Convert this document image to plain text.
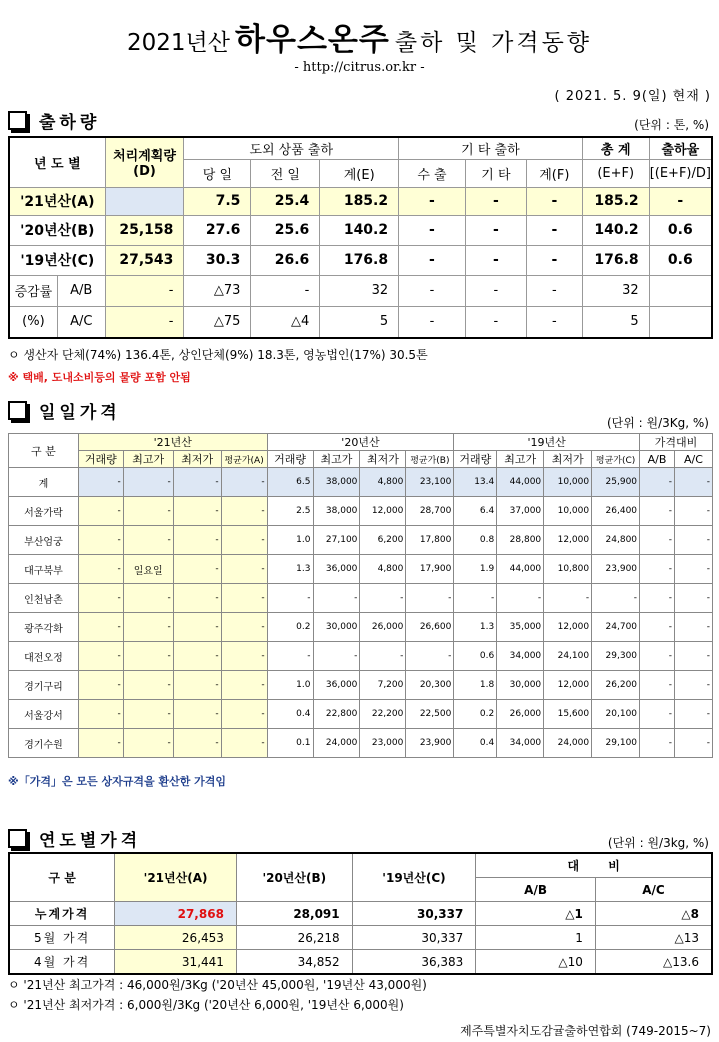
2021년산 하우스온주 출하 및 가격동향
- http://citrus.or.kr -
( 2021. 5. 9(일) 현재 )
출하량	(단위 : 톤, %)
년 도 별	처리계획량
(D)	도외 상품 출하			기 타 출하			총 계	출하율
		당 일	전 일	계(E)	수 출	기 타	계(F)	(E+F)	[(E+F)/D]
'21년산(A)		7.5	25.4	185.2	-	-	-	185.2	-
'20년산(B)	25,158	27.6	25.6	140.2	-	-	-	140.2	0.6
'19년산(C)	27,543	30.3	26.6	176.8	-	-	-	176.8	0.6

증감률 A/B	-	△73	-	32	-	-	-	32	

(%) A/C	-	△75	△4	5	-	-	-	5	
ㅇ 생산자 단체(74%) 136.4톤, 상인단체(9%) 18.3톤, 영농법인(17%) 30.5톤
※ 택배, 도내소비등의 물량 포함 안됨
일일가격	(단위 : 원/3Kg, %)
구 분	'21년산				'20년산				'19년산				가격대비	
	거래량	최고가	최저가	평균가(A)	거래량	최고가	최저가	평균가(B)	거래량	최고가	최저가	평균가(C)	A/B	A/C
계	-	-	-	-	6.5	38,000	4,800	23,100	13.4	44,000	10,000	25,900	-	-
서울가락	-	-	-	-	2.5	38,000	12,000	28,700	6.4	37,000	10,000	26,400	-	-
부산엄궁	-	-	-	-	1.0	27,100	6,200	17,800	0.8	28,800	12,000	24,800	-	-
대구북부	-	일요일	-	-	1.3	36,000	4,800	17,900	1.9	44,000	10,800	23,900	-	-
인천남촌	-	-	-	-	-	-	-	-	-	-	-	-	-	-
광주각화	-	-	-	-	0.2	30,000	26,000	26,600	1.3	35,000	12,000	24,700	-	-
대전오정	-	-	-	-	-	-	-	-	0.6	34,000	24,100	29,300	-	-
경기구리	-	-	-	-	1.0	36,000	7,200	20,300	1.8	30,000	12,000	26,200	-	-
서울강서	-	-	-	-	0.4	22,800	22,200	22,500	0.2	26,000	15,600	20,100	-	-
경기수원	-	-	-	-	0.1	24,000	23,000	23,900	0.4	34,000	24,000	29,100	-	-
※「가격」은 모든 상자규격을 환산한 가격임
연도별가격	(단위 : 원/3kg, %)
구 분	'21년산(A)	'20년산(B)	'19년산(C)	대       비	
				A/B	A/C
누계가격	27,868	28,091	30,337	△1	△8
5월 가격	26,453	26,218	30,337	1	△13
4월 가격	31,441	34,852	36,383	△10	△13.6
ㅇ '21년산 최고가격 : 46,000원/3Kg ('20년산 45,000원, '19년산 43,000원)
ㅇ '21년산 최저가격 : 6,000원/3Kg ('20년산 6,000원, '19년산 6,000원)
제주특별자치도감귤출하연합회 (749-2015~7)
